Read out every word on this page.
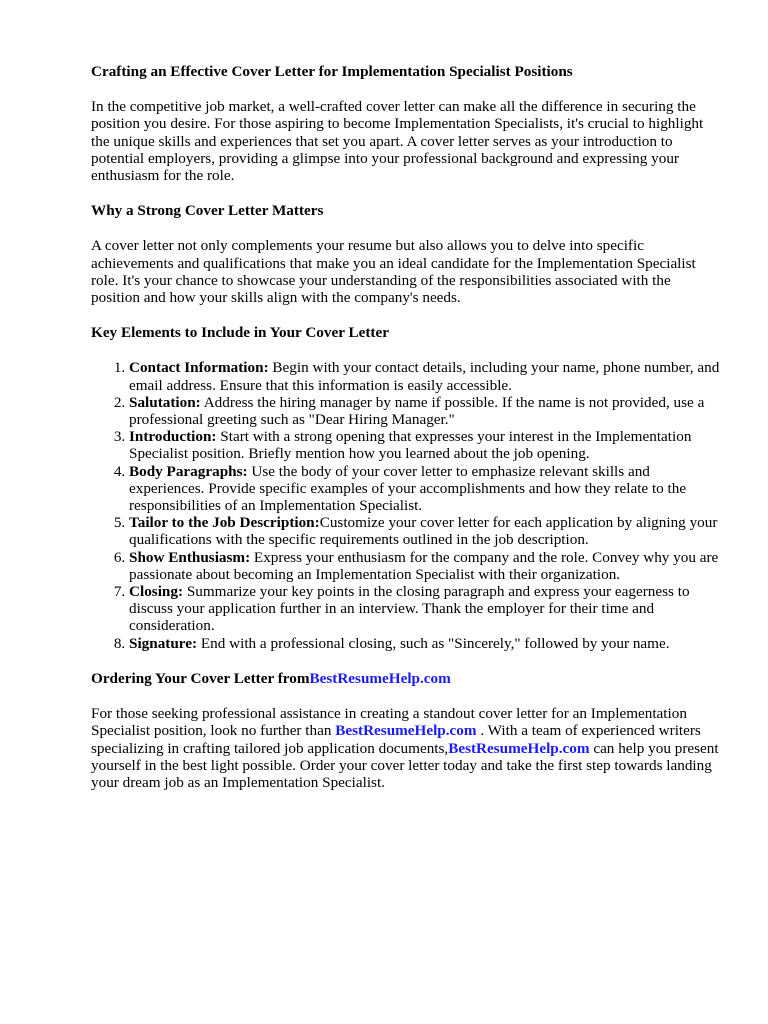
Crafting an Effective Cover Letter for Implementation Specialist Positions

In the competitive job market, a well-crafted cover letter can make all the difference in securing the position you desire. For those aspiring to become Implementation Specialists, it's crucial to highlight the unique skills and experiences that set you apart. A cover letter serves as your introduction to potential employers, providing a glimpse into your professional background and expressing your enthusiasm for the role.

Why a Strong Cover Letter Matters

A cover letter not only complements your resume but also allows you to delve into specific achievements and qualifications that make you an ideal candidate for the Implementation Specialist role. It's your chance to showcase your understanding of the responsibilities associated with the position and how your skills align with the company's needs.

Key Elements to Include in Your Cover Letter
1. Contact Information: Begin with your contact details, including your name, phone number, and email address. Ensure that this information is easily accessible.
2. Salutation: Address the hiring manager by name if possible. If the name is not provided, use a professional greeting such as "Dear Hiring Manager."
3. Introduction: Start with a strong opening that expresses your interest in the Implementation Specialist position. Briefly mention how you learned about the job opening.
4. Body Paragraphs: Use the body of your cover letter to emphasize relevant skills and experiences. Provide specific examples of your accomplishments and how they relate to the responsibilities of an Implementation Specialist.
5. Tailor to the Job Description:Customize your cover letter for each application by aligning your qualifications with the specific requirements outlined in the job description.
6. Show Enthusiasm: Express your enthusiasm for the company and the role. Convey why you are passionate about becoming an Implementation Specialist with their organization.
7. Closing: Summarize your key points in the closing paragraph and express your eagerness to discuss your application further in an interview. Thank the employer for their time and consideration.
8. Signature: End with a professional closing, such as "Sincerely," followed by your name.
Ordering Your Cover Letter fromBestResumeHelp.com

For those seeking professional assistance in creating a standout cover letter for an Implementation Specialist position, look no further than BestResumeHelp.com . With a team of experienced writers specializing in crafting tailored job application documents,BestResumeHelp.com can help you present yourself in the best light possible. Order your cover letter today and take the first step towards landing your dream job as an Implementation Specialist.
